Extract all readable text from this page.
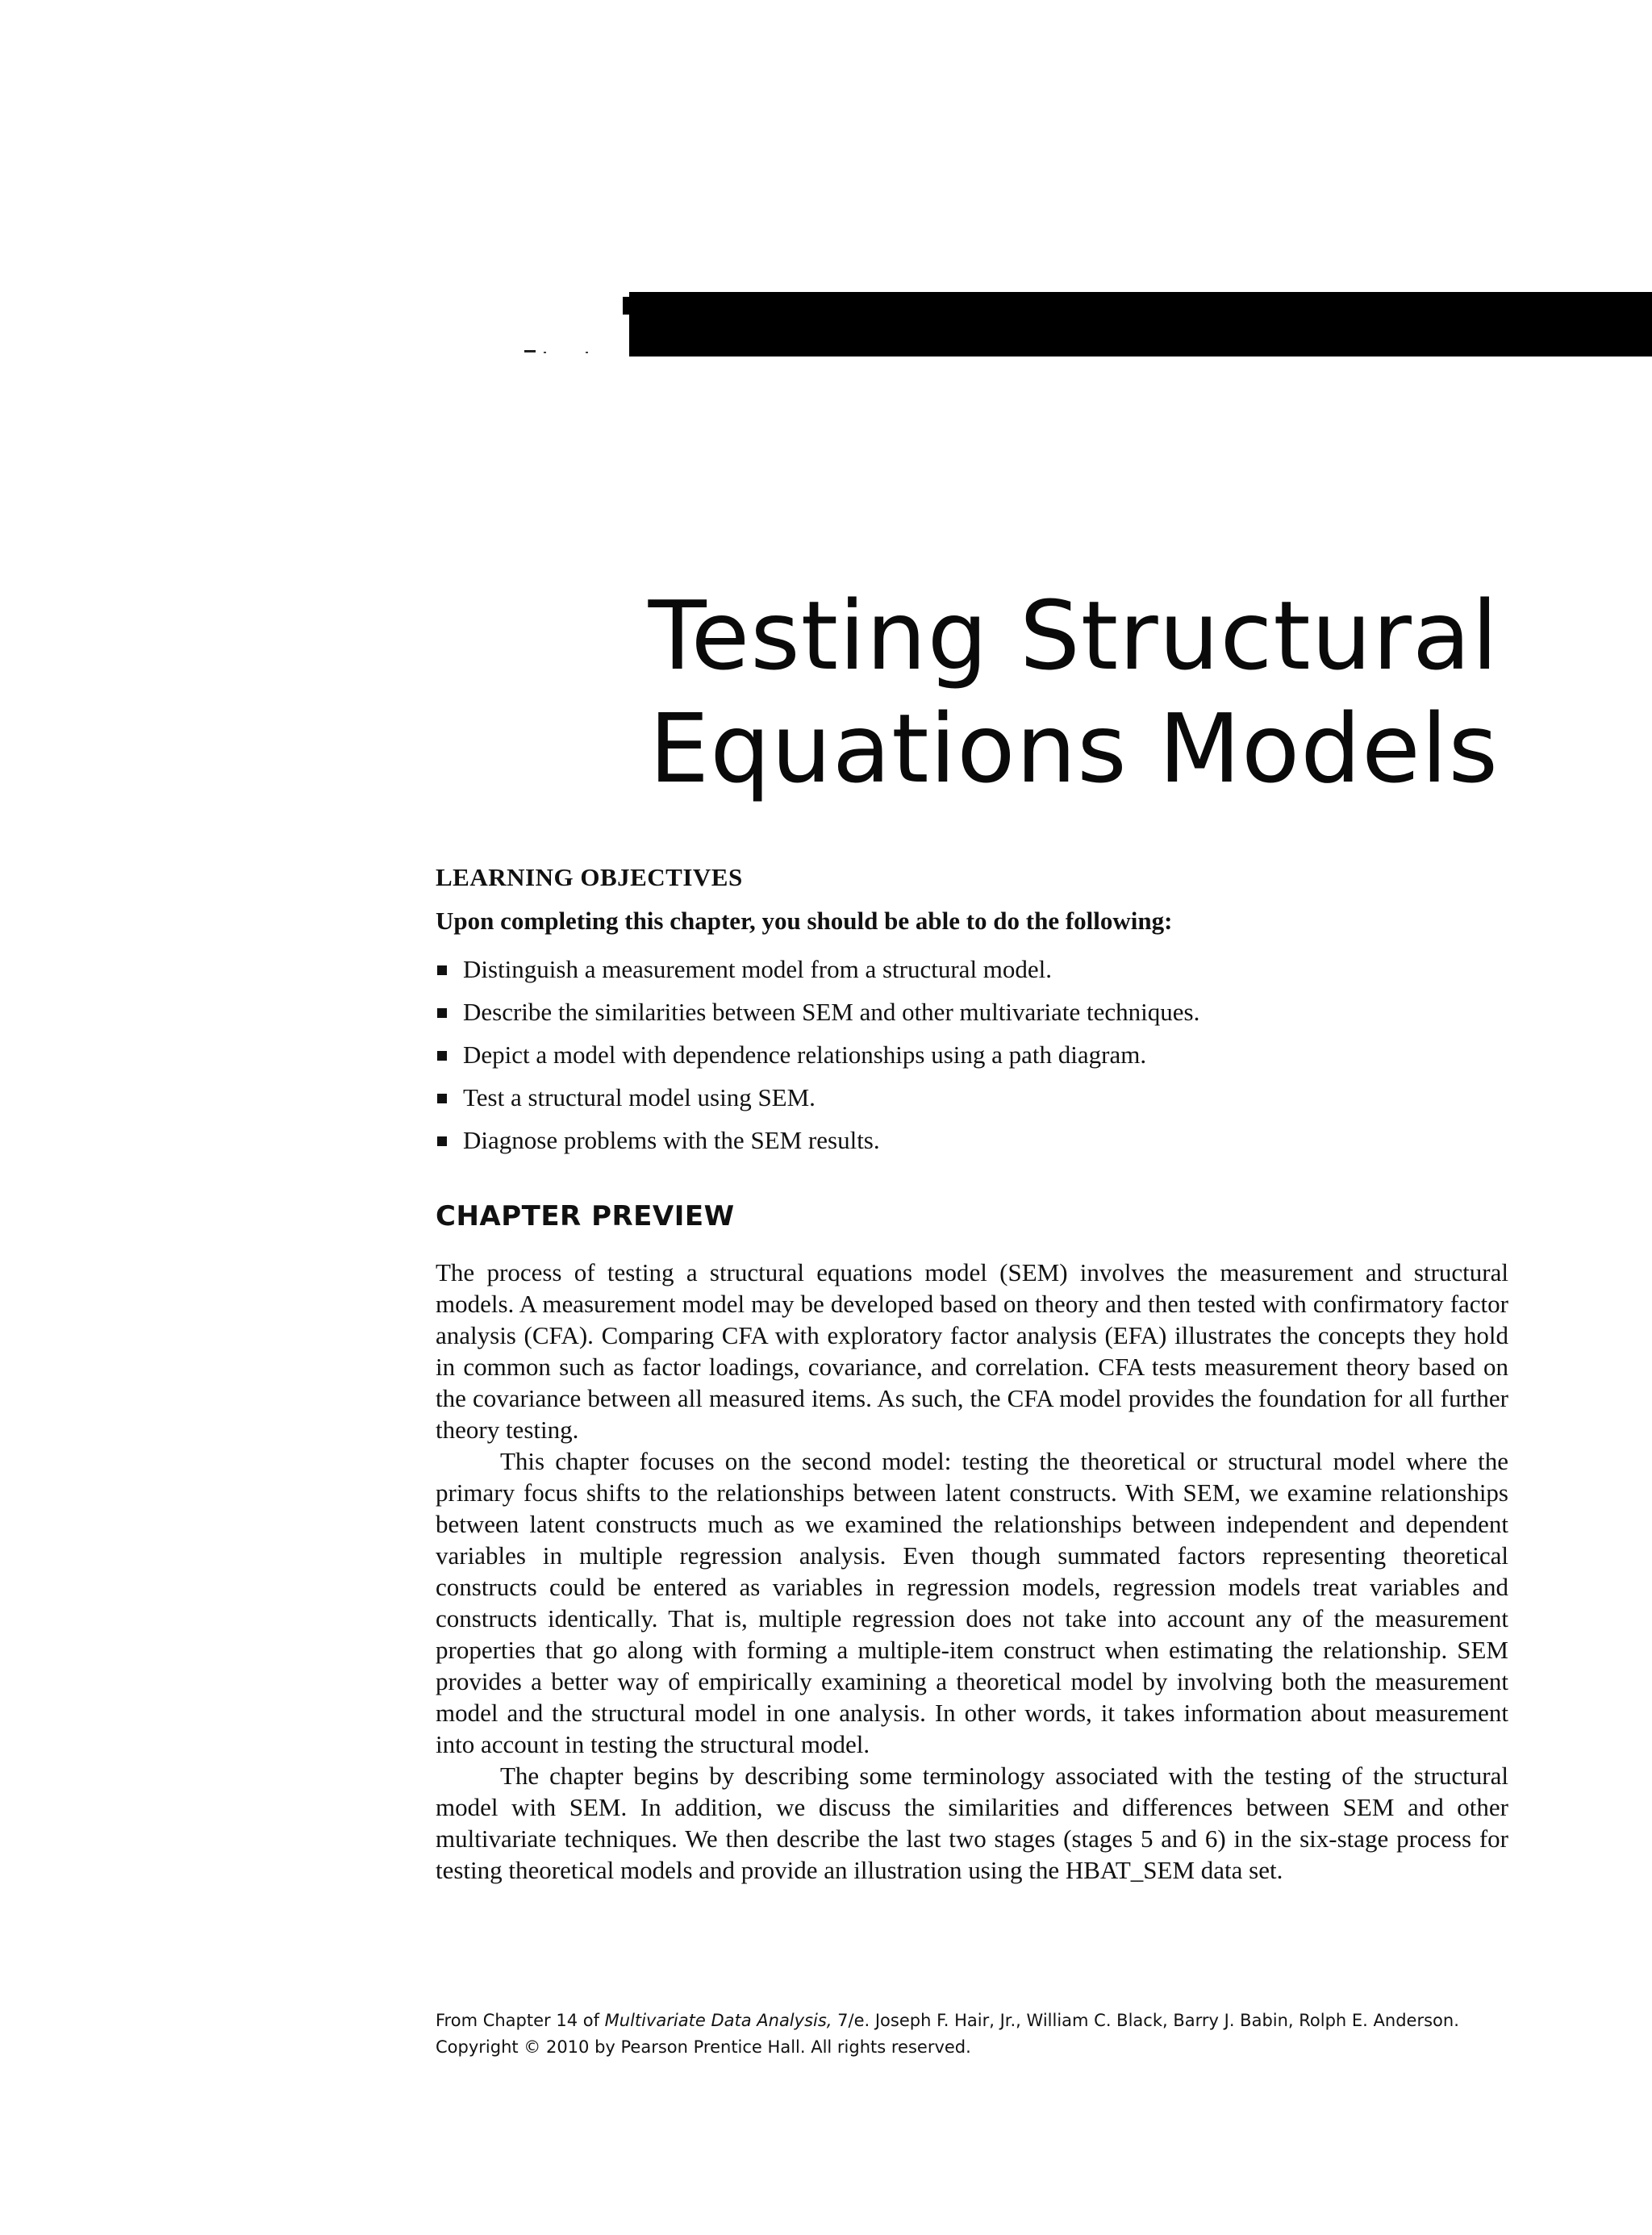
Testing Structural
Equations Models
LEARNING OBJECTIVES
Upon completing this chapter, you should be able to do the following:
Distinguish a measurement model from a structural model.
Describe the similarities between SEM and other multivariate techniques.
Depict a model with dependence relationships using a path diagram.
Test a structural model using SEM.
Diagnose problems with the SEM results.
CHAPTER PREVIEW

The process of testing a structural equations model (SEM) involves the measurement and structural models. A measurement model may be developed based on theory and then tested with confirmatory factor analysis (CFA). Comparing CFA with exploratory factor analysis (EFA) illustrates the concepts they hold in common such as factor loadings, covariance, and correlation. CFA tests measurement theory based on the covariance between all measured items. As such, the CFA model provides the foundation for all further theory testing.

This chapter focuses on the second model: testing the theoretical or structural model where the primary focus shifts to the relationships between latent constructs. With SEM, we examine relationships between latent constructs much as we examined the relationships between independent and dependent variables in multiple regression analysis. Even though summated factors representing theoretical constructs could be entered as variables in regression models, regression models treat variables and constructs identically. That is, multiple regression does not take into account any of the measurement properties that go along with forming a multiple-item construct when estimating the relationship. SEM provides a better way of empirically examining a theoretical model by involving both the measurement model and the structural model in one analysis. In other words, it takes information about measurement into account in testing the structural model.

The chapter begins by describing some terminology associated with the testing of the structural model with SEM. In addition, we discuss the similarities and differences between SEM and other multivariate techniques. We then describe the last two stages (stages 5 and 6) in the six-stage process for testing theoretical models and provide an illustration using the HBAT_SEM data set.

From Chapter 14 of Multivariate Data Analysis, 7/e. Joseph F. Hair, Jr., William C. Black, Barry J. Babin, Rolph E. Anderson.
Copyright © 2010 by Pearson Prentice Hall. All rights reserved.
